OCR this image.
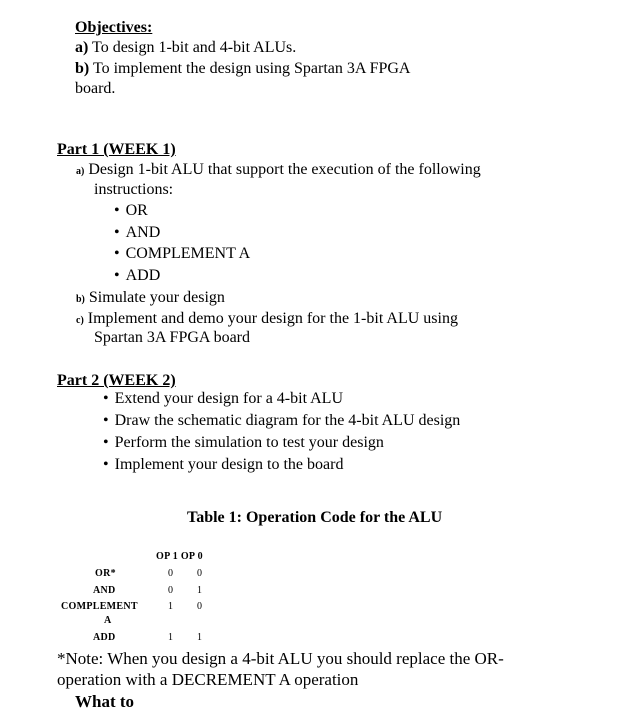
Objectives:
a) To design 1-bit and 4-bit ALUs.
b) To implement the design using Spartan 3A FPGA
board.
Part 1 (WEEK 1)
a) Design 1-bit ALU that support the execution of the following
instructions:
• OR
• AND
• COMPLEMENT A
• ADD
b) Simulate your design
c) Implement and demo your design for the 1-bit ALU using
Spartan 3A FPGA board
Part 2 (WEEK 2)
• Extend your design for a 4-bit ALU
• Draw the schematic diagram for the 4-bit ALU design
• Perform the simulation to test your design
• Implement your design to the board
Table 1: Operation Code for the ALU
OP 1 OP 0
OR*	0 0
AND	0 1
COMPLEMENT	1 0
A
ADD	1 1
*Note: When you design a 4-bit ALU you should replace the OR-
operation with a DECREMENT A operation
What to
